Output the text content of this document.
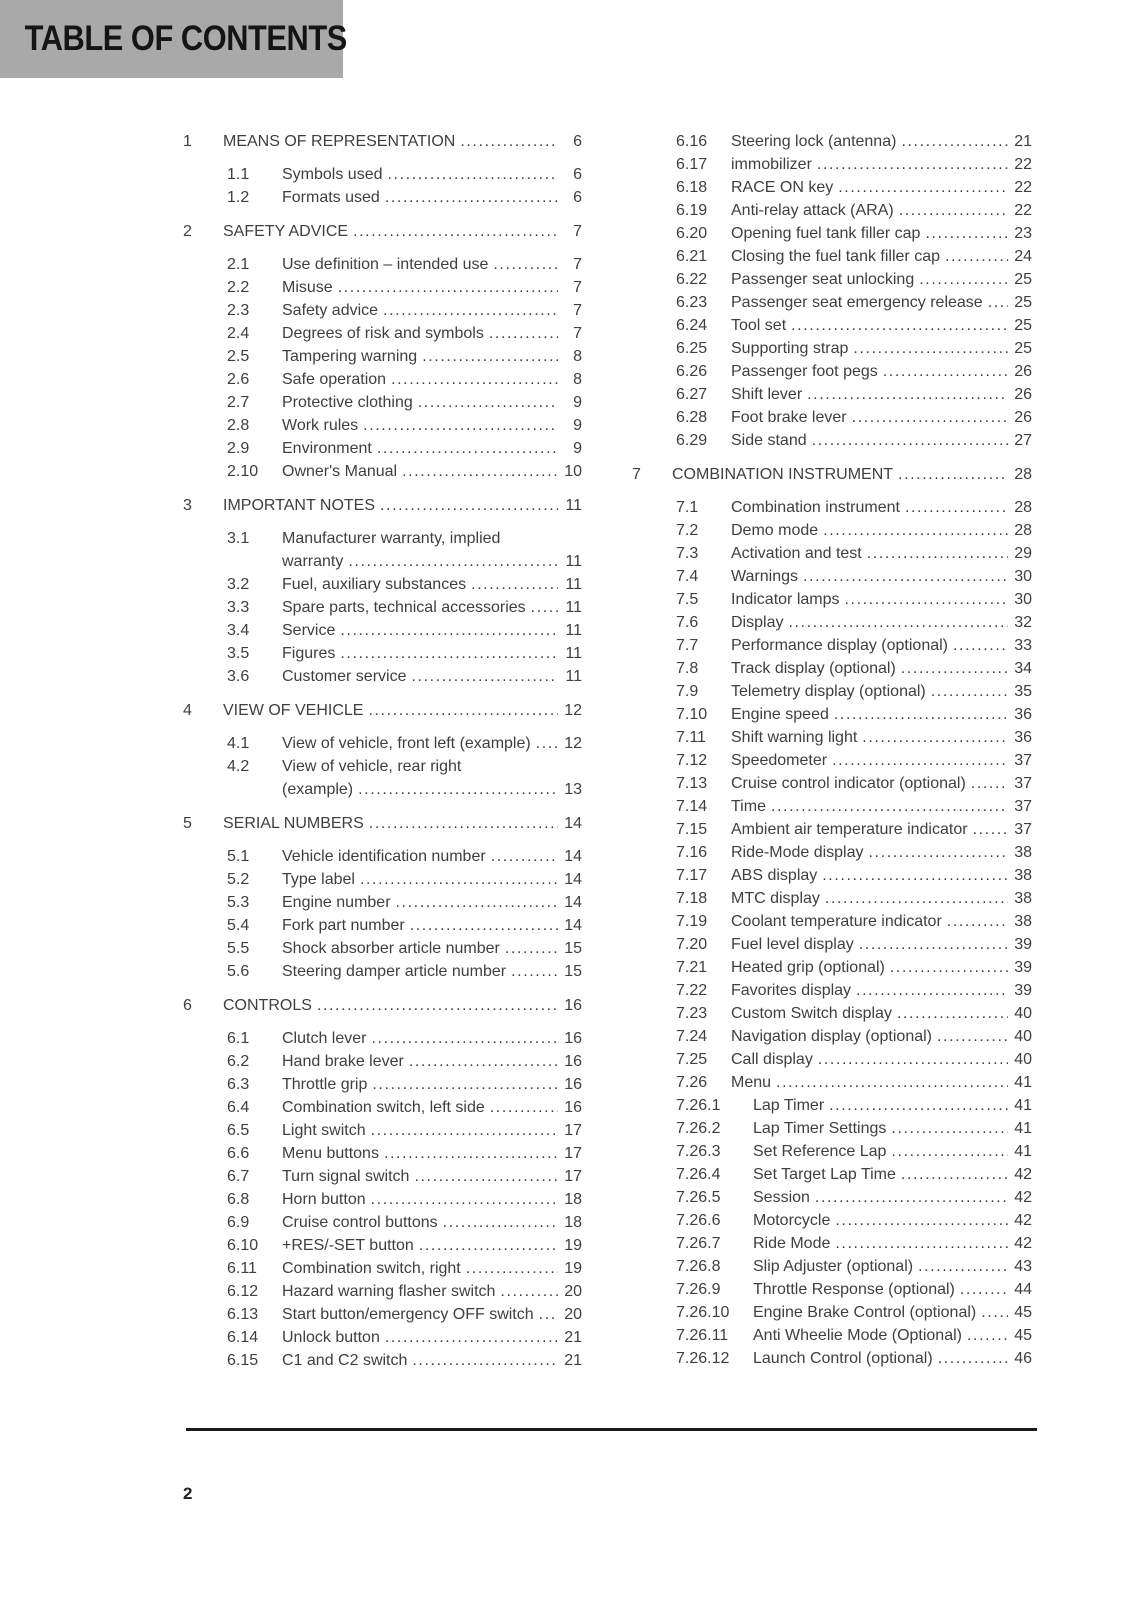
TABLE OF CONTENTS
1	MEANS OF REPRESENTATION .....	6
1.1	Symbols used .....	6
1.2	Formats used .....	6
2	SAFETY ADVICE .....	7
2.1	Use definition – intended use .....	7
2.2	Misuse .....	7
2.3	Safety advice .....	7
2.4	Degrees of risk and symbols .....	7
2.5	Tampering warning .....	8
2.6	Safe operation .....	8
2.7	Protective clothing .....	9
2.8	Work rules .....	9
2.9	Environment .....	9
2.10	Owner's Manual .....	10
3	IMPORTANT NOTES .....	11
3.1	Manufacturer warranty, implied
warranty .....	11
3.2	Fuel, auxiliary substances .....	11
3.3	Spare parts, technical accessories .....	11
3.4	Service .....	11
3.5	Figures .....	11
3.6	Customer service .....	11
4	VIEW OF VEHICLE .....	12
4.1	View of vehicle, front left (example) ..... 12
4.2	View of vehicle, rear right
(example) .....	13
5	SERIAL NUMBERS .....	14
5.1	Vehicle identification number .....	14
5.2	Type label .....	14
5.3	Engine number .....	14
5.4	Fork part number .....	14
5.5	Shock absorber article number .....	15
5.6	Steering damper article number .....	15
6	CONTROLS .....	16
6.1	Clutch lever .....	16
6.2	Hand brake lever .....	16
6.3	Throttle grip .....	16
6.4	Combination switch, left side .....	16
6.5	Light switch .....	17
6.6	Menu buttons .....	17
6.7	Turn signal switch .....	17
6.8	Horn button .....	18
6.9	Cruise control buttons .....	18
6.10	+RES/-SET button .....	19
6.11	Combination switch, right .....	19
6.12	Hazard warning flasher switch .....	20
6.13	Start button/emergency OFF switch ..... 20
6.14	Unlock button .....	21
6.15	C1 and C2 switch .....	21
6.16	Steering lock (antenna) .....	21
6.17	immobilizer .....	22
6.18	RACE ON key .....	22
6.19	Anti-relay attack (ARA) .....	22
6.20	Opening fuel tank filler cap .....	23
6.21	Closing the fuel tank filler cap .....	24
6.22	Passenger seat unlocking .....	25
6.23	Passenger seat emergency release ..... 25
6.24	Tool set .....	25
6.25	Supporting strap .....	25
6.26	Passenger foot pegs .....	26
6.27	Shift lever .....	26
6.28	Foot brake lever .....	26
6.29	Side stand .....	27
7	COMBINATION INSTRUMENT .....	28
7.1	Combination instrument .....	28
7.2	Demo mode .....	28
7.3	Activation and test .....	29
7.4	Warnings .....	30
7.5	Indicator lamps .....	30
7.6	Display .....	32
7.7	Performance display (optional) .....	33
7.8	Track display (optional) .....	34
7.9	Telemetry display (optional) .....	35
7.10	Engine speed .....	36
7.11	Shift warning light .....	36
7.12	Speedometer .....	37
7.13	Cruise control indicator (optional) .....	37
7.14	Time .....	37
7.15	Ambient air temperature indicator .....	37
7.16	Ride-Mode display .....	38
7.17	ABS display .....	38
7.18	MTC display .....	38
7.19	Coolant temperature indicator .....	38
7.20	Fuel level display .....	39
7.21	Heated grip (optional) .....	39
7.22	Favorites display .....	39
7.23	Custom Switch display .....	40
7.24	Navigation display (optional) .....	40
7.25	Call display .....	40
7.26	Menu .....	41
7.26.1	Lap Timer .....	41
7.26.2	Lap Timer Settings .....	41
7.26.3	Set Reference Lap .....	41
7.26.4	Set Target Lap Time .....	42
7.26.5	Session .....	42
7.26.6	Motorcycle .....	42
7.26.7	Ride Mode .....	42
7.26.8	Slip Adjuster (optional) .....	43
7.26.9	Throttle Response (optional) .....	44
7.26.10	Engine Brake Control (optional) ..... 45
7.26.11	Anti Wheelie Mode (Optional) .....	45
7.26.12	Launch Control (optional) .....	46
2
